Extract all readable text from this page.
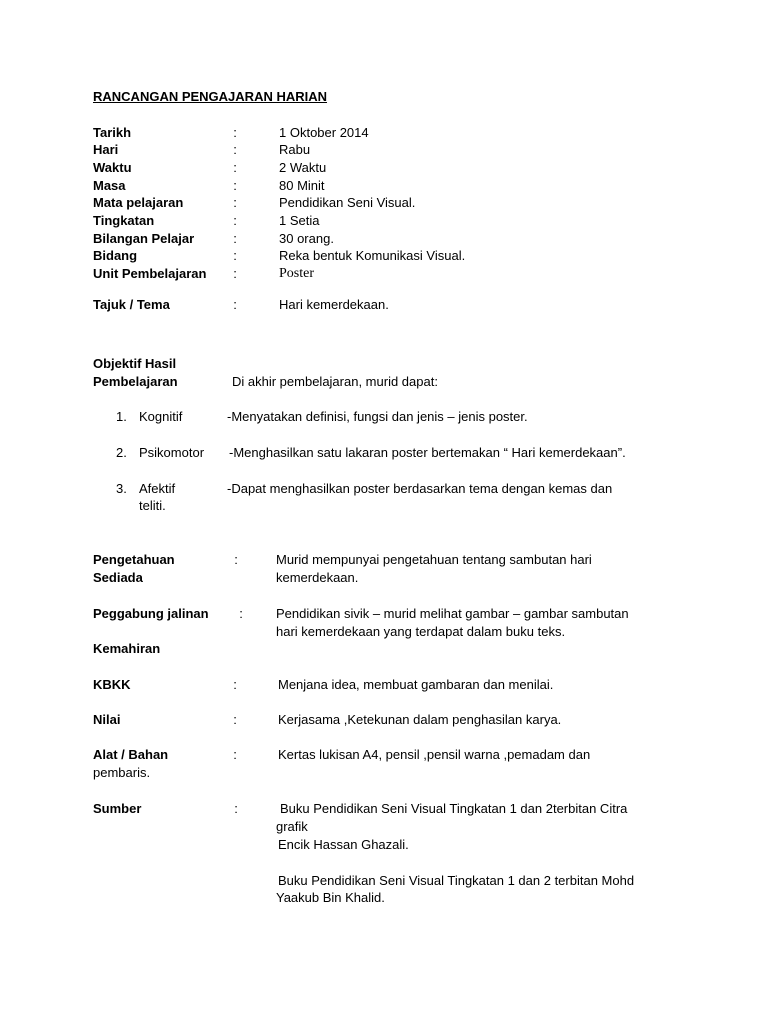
RANCANGAN PENGAJARAN HARIAN
Tarikh	:	1 Oktober 2014
Hari	:	Rabu
Waktu	:	2 Waktu
Masa	:	80 Minit
Mata pelajaran	:	Pendidikan Seni Visual.
Tingkatan	:	1 Setia
Bilangan Pelajar	:	30 orang.
Bidang	:	Reka bentuk Komunikasi Visual.
Unit Pembelajaran :	Poster
Tajuk / Tema	:	Hari kemerdekaan.
Objektif Hasil
Pembelajaran	Di akhir pembelajaran, murid dapat:
1. Kognitif	-Menyatakan definisi, fungsi dan jenis – jenis poster.
2. Psikomotor -Menghasilkan satu lakaran poster bertemakan “ Hari kemerdekaan”.
3. Afektif	-Dapat menghasilkan poster berdasarkan tema dengan kemas dan
teliti.
Pengetahuan
Sediada
:	Murid mempunyai pengetahuan tentang sambutan hari
kemerdekaan.
Peggabung jalinan :	Pendidikan sivik – murid melihat gambar – gambar sambutan
hari kemerdekaan yang terdapat dalam buku teks.
Kemahiran
KBKK	:	Menjana idea, membuat gambaran dan menilai.
Nilai	:	Kerjasama ,Ketekunan dalam penghasilan karya.
Alat / Bahan	:	Kertas lukisan A4, pensil ,pensil warna ,pemadam dan
pembaris.
Sumber	:	Buku Pendidikan Seni Visual Tingkatan 1 dan 2terbitan Citra
grafik
Encik Hassan Ghazali.
Buku Pendidikan Seni Visual Tingkatan 1 dan 2 terbitan Mohd
Yaakub Bin Khalid.
